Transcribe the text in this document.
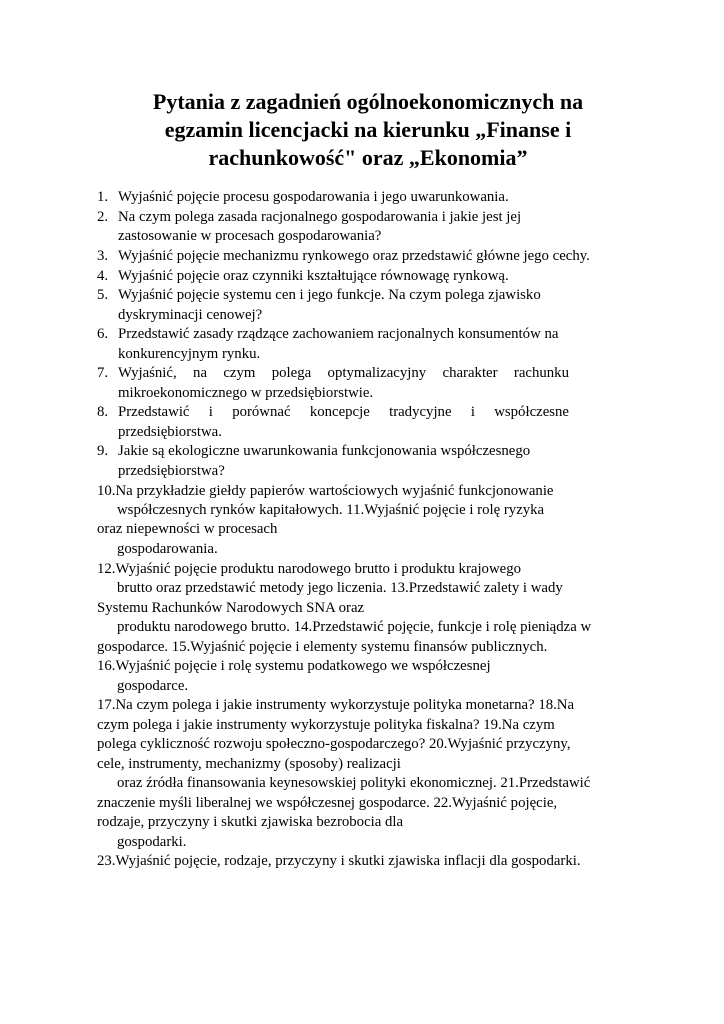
Pytania z zagadnień ogólnoekonomicznych na
egzamin licencjacki na kierunku „Finanse i
rachunkowość" oraz „Ekonomia”
1.
2.
3.
4.
5.
6.
7.
8.
9.
Wyjaśnić pojęcie procesu gospodarowania i jego uwarunkowania.
Na czym polega zasada racjonalnego gospodarowania i jakie jest jej
zastosowanie w procesach gospodarowania?
Wyjaśnić pojęcie mechanizmu rynkowego oraz przedstawić główne jego cechy.
Wyjaśnić pojęcie oraz czynniki kształtujące równowagę rynkową.
Wyjaśnić pojęcie systemu cen i jego funkcje. Na czym polega zjawisko
dyskryminacji cenowej?
Przedstawić zasady rządzące zachowaniem racjonalnych konsumentów na
konkurencyjnym rynku.
Wyjaśnić, na czym polega optymalizacyjny charakter rachunku
mikroekonomicznego w przedsiębiorstwie.
Przedstawić i porównać koncepcje tradycyjne i współczesne
przedsiębiorstwa.
Jakie są ekologiczne uwarunkowania funkcjonowania współczesnego
przedsiębiorstwa?
10.Na przykładzie giełdy papierów wartościowych wyjaśnić funkcjonowanie
współczesnych rynków kapitałowych. 11.Wyjaśnić pojęcie i rolę ryzyka
oraz niepewności w procesach
gospodarowania.
12.Wyjaśnić pojęcie produktu narodowego brutto i produktu krajowego
brutto oraz przedstawić metody jego liczenia. 13.Przedstawić zalety i wady
Systemu Rachunków Narodowych SNA oraz
produktu narodowego brutto. 14.Przedstawić pojęcie, funkcje i rolę pieniądza w
gospodarce. 15.Wyjaśnić pojęcie i elementy systemu finansów publicznych.
16.Wyjaśnić pojęcie i rolę systemu podatkowego we współczesnej
gospodarce.
17.Na czym polega i jakie instrumenty wykorzystuje polityka monetarna? 18.Na
czym polega i jakie instrumenty wykorzystuje polityka fiskalna? 19.Na czym
polega cykliczność rozwoju społeczno-gospodarczego? 20.Wyjaśnić przyczyny,
cele, instrumenty, mechanizmy (sposoby) realizacji
oraz źródła finansowania keynesowskiej polityki ekonomicznej. 21.Przedstawić
znaczenie myśli liberalnej we współczesnej gospodarce. 22.Wyjaśnić pojęcie,
rodzaje, przyczyny i skutki zjawiska bezrobocia dla
gospodarki.
23.Wyjaśnić pojęcie, rodzaje, przyczyny i skutki zjawiska inflacji dla gospodarki.
